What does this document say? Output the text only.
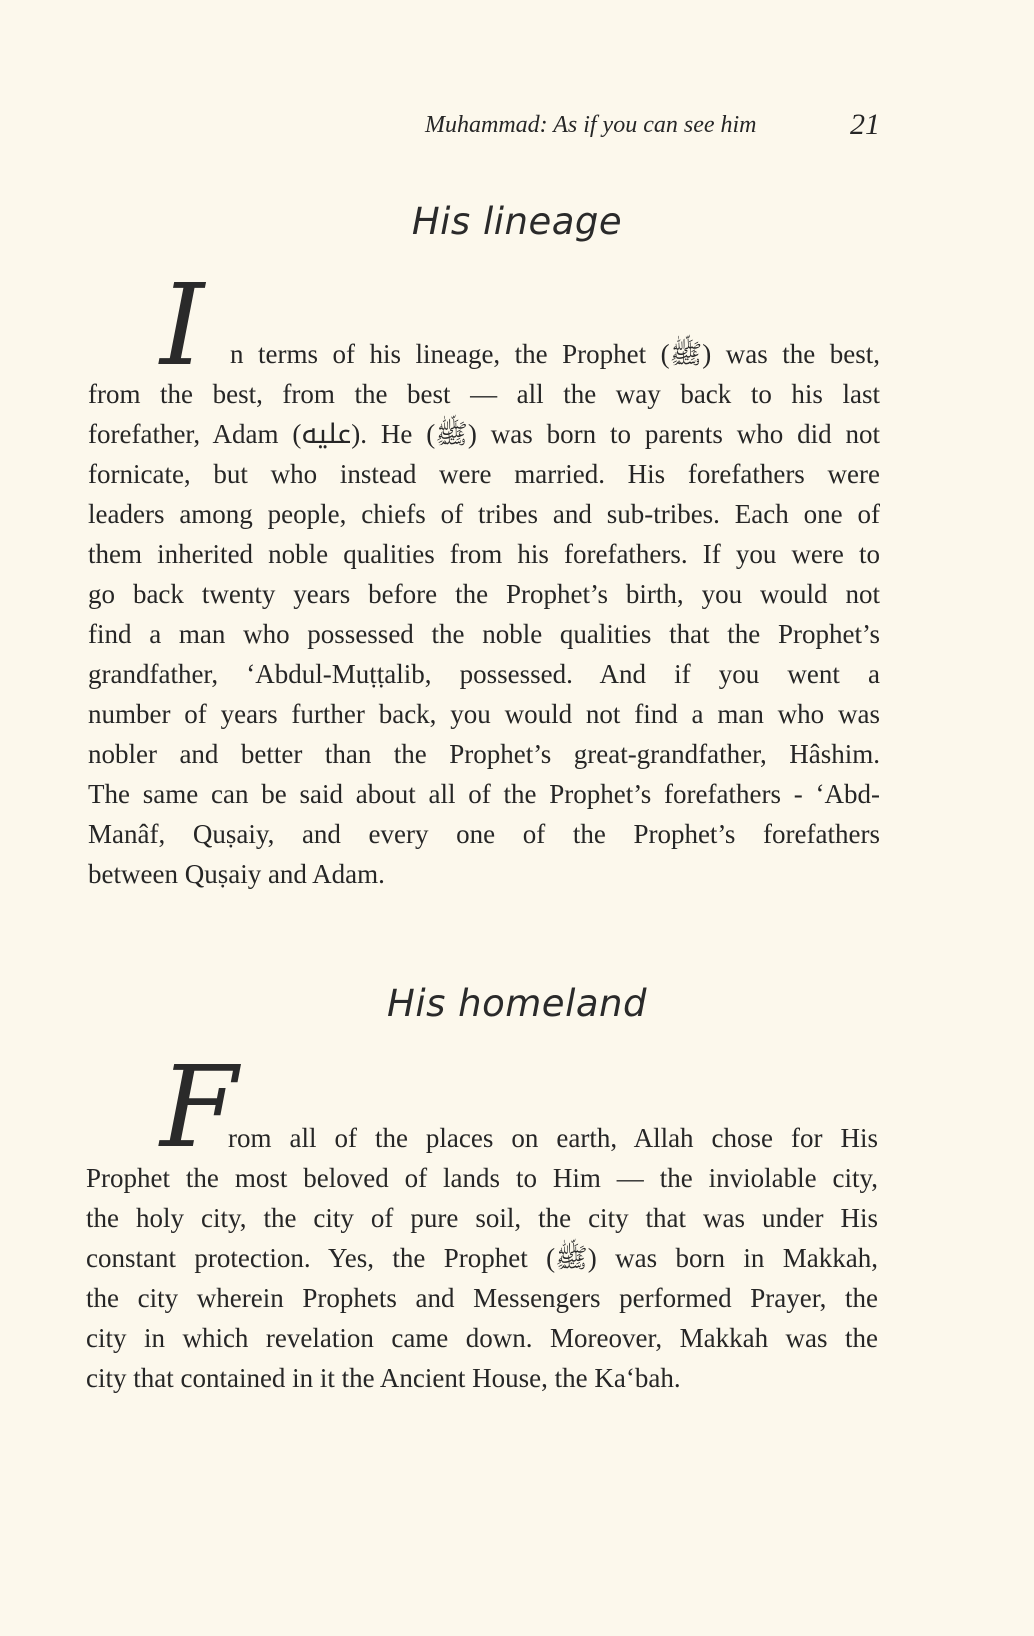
Muhammad: As if you can see him	21
His lineage
I n terms of his lineage, the Prophet (ﷺ) was the best,
from the best, from the best — all the way back to his last
forefather, Adam (ﷷ). He (ﷺ) was born to parents who did not
fornicate, but who instead were married. His forefathers were
leaders among people, chiefs of tribes and sub-tribes. Each one of
them inherited noble qualities from his forefathers. If you were to
go back twenty years before the Prophet’s birth, you would not
find a man who possessed the noble qualities that the Prophet’s
grandfather, ‘Abdul-Muṭṭalib, possessed. And if you went a
number of years further back, you would not find a man who was
nobler and better than the Prophet’s great-grandfather, Hâshim.
The same can be said about all of the Prophet’s forefathers - ‘Abd-
Manâf, Quṣaiy, and every one of the Prophet’s forefathers
between Quṣaiy and Adam.
His homeland
F
rom all of the places on earth, Allah chose for His
Prophet the most beloved of lands to Him — the inviolable city,
the holy city, the city of pure soil, the city that was under His
constant protection. Yes, the Prophet (ﷺ) was born in Makkah,
the city wherein Prophets and Messengers performed Prayer, the
city in which revelation came down. Moreover, Makkah was the
city that contained in it the Ancient House, the Ka‘bah.
